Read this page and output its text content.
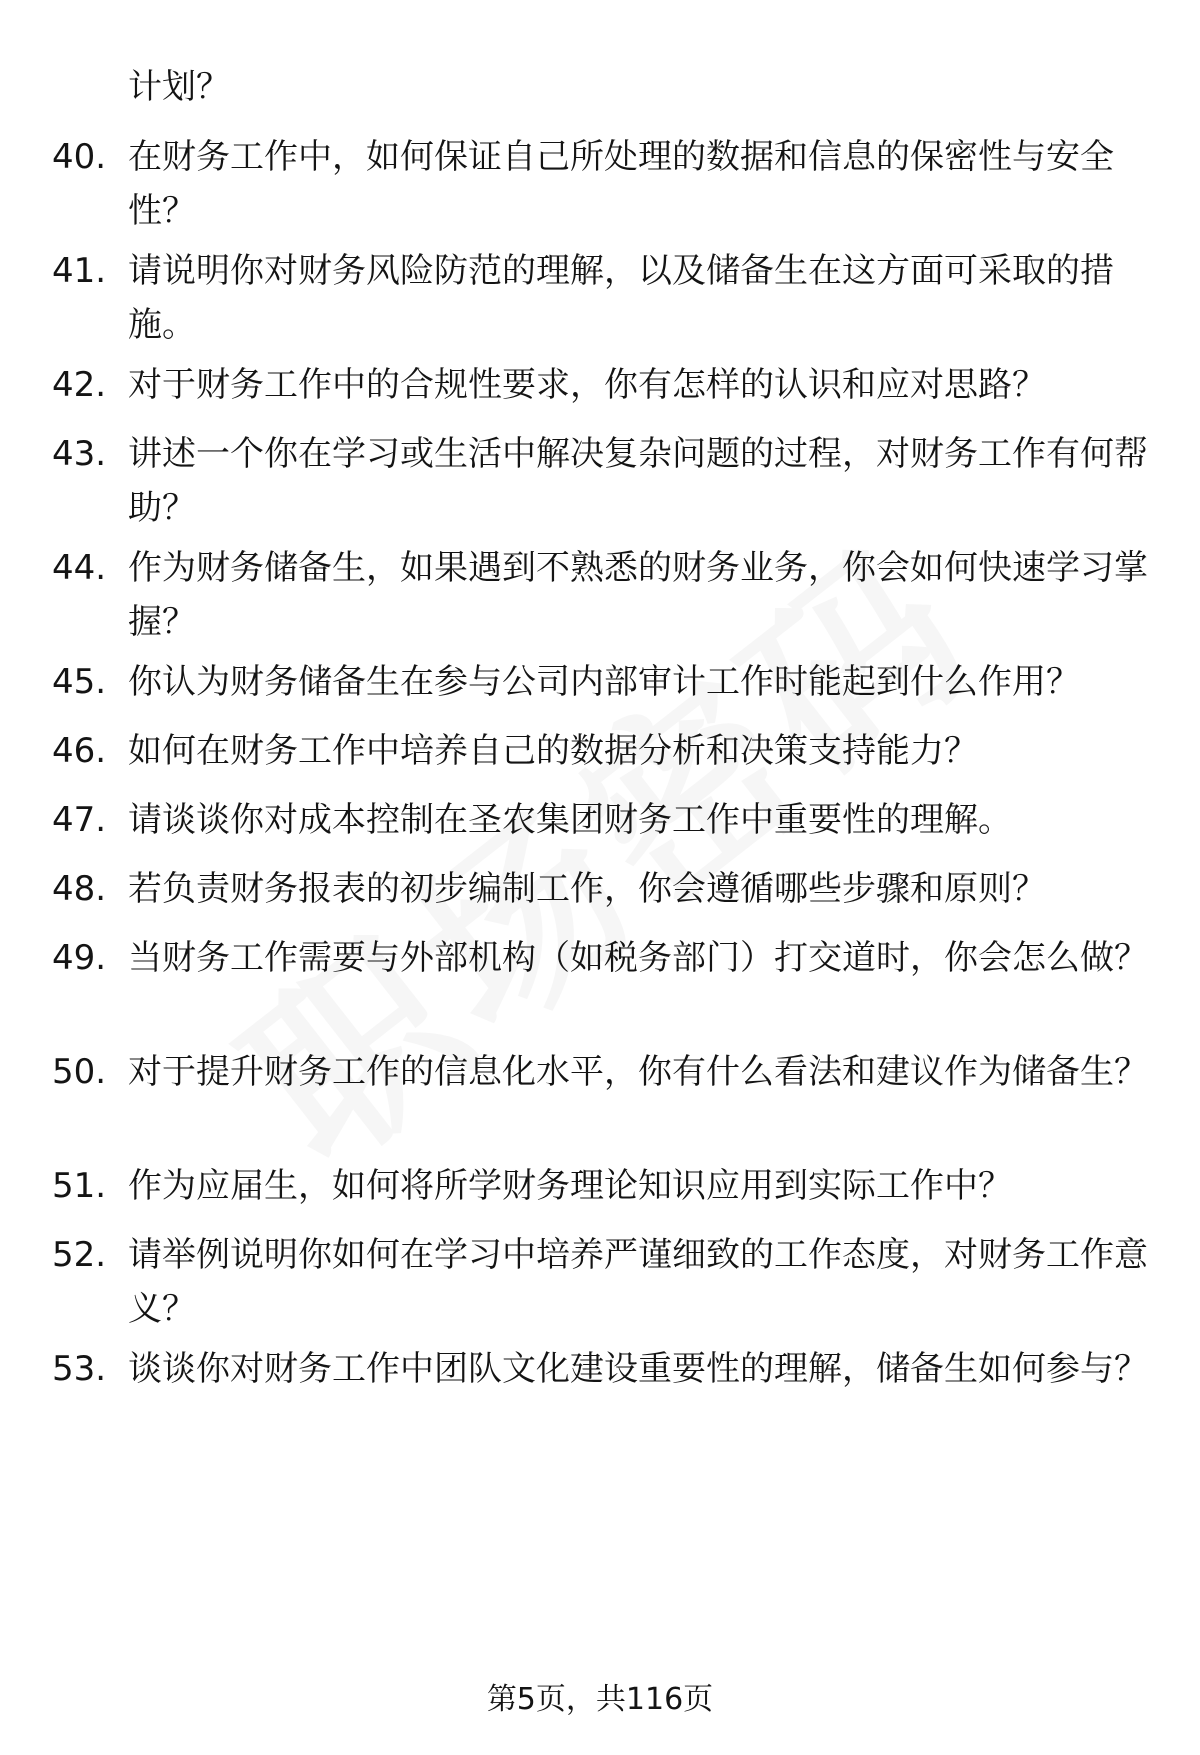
计划？
40. 在财务工作中，如何保证自己所处理的数据和信息的保密性与安全性？
41. 请说明你对财务风险防范的理解，以及储备生在这方面可采取的措施。
42. 对于财务工作中的合规性要求，你有怎样的认识和应对思路？
43. 讲述一个你在学习或生活中解决复杂问题的过程，对财务工作有何帮助？
44. 作为财务储备生，如果遇到不熟悉的财务业务，你会如何快速学习掌握？
45. 你认为财务储备生在参与公司内部审计工作时能起到什么作用？
46. 如何在财务工作中培养自己的数据分析和决策支持能力？
47. 请谈谈你对成本控制在圣农集团财务工作中重要性的理解。
48. 若负责财务报表的初步编制工作，你会遵循哪些步骤和原则？
49. 当财务工作需要与外部机构（如税务部门）打交道时，你会怎么做？
50. 对于提升财务工作的信息化水平，你有什么看法和建议作为储备生？
51. 作为应届生，如何将所学财务理论知识应用到实际工作中？
52. 请举例说明你如何在学习中培养严谨细致的工作态度，对财务工作意义？
53. 谈谈你对财务工作中团队文化建设重要性的理解，储备生如何参与？
第5页，共116页
